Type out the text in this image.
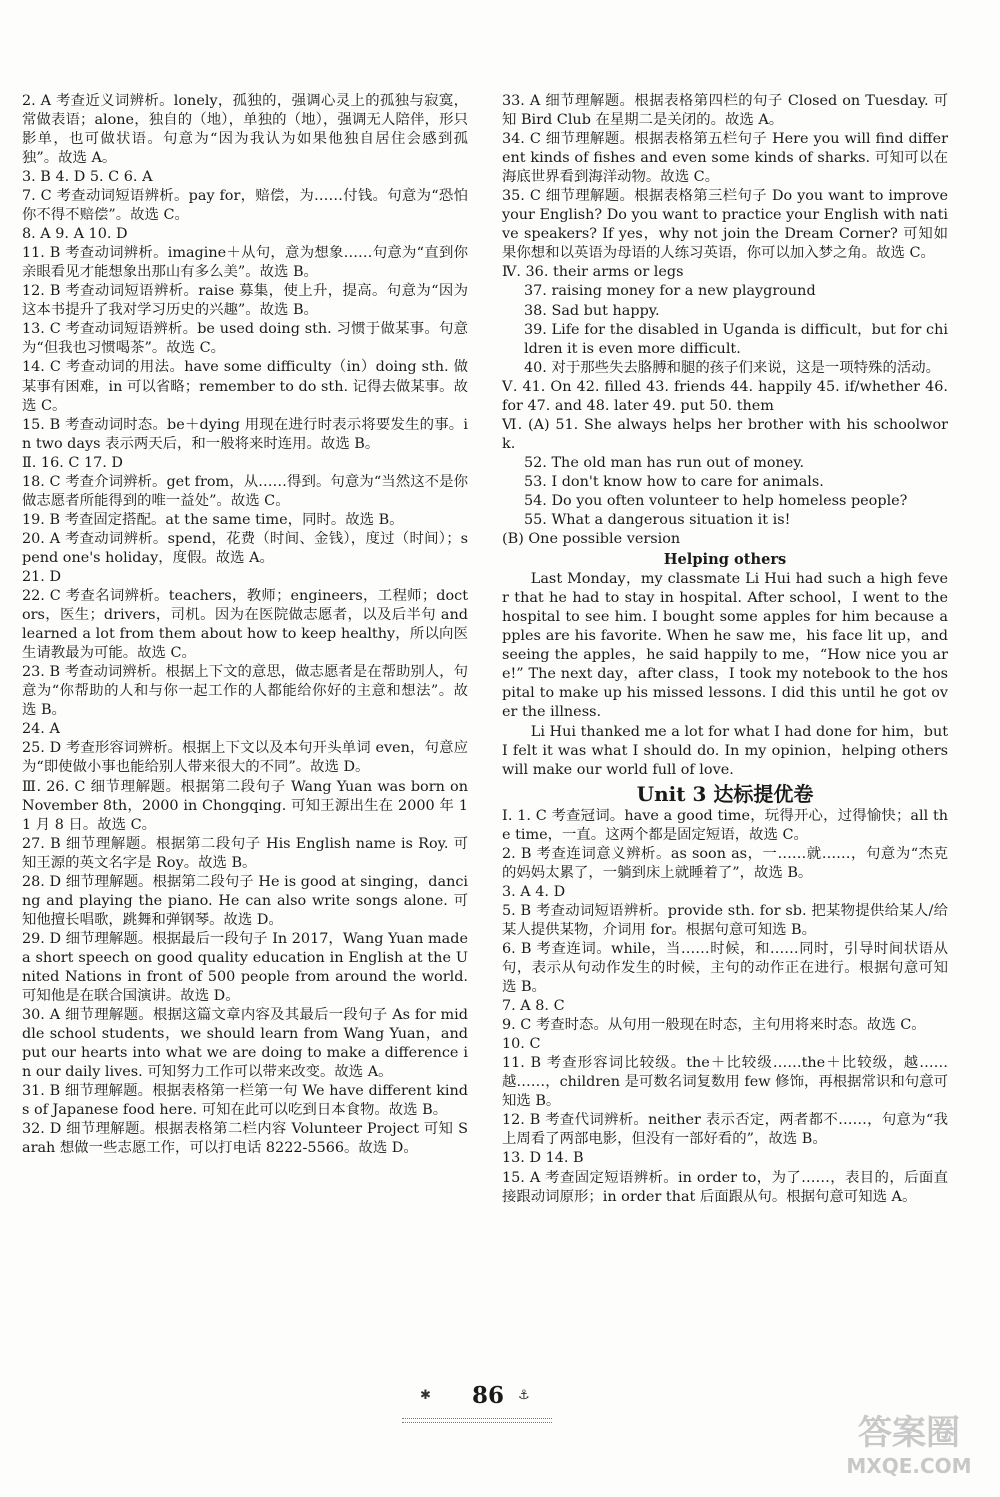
2. A 考查近义词辨析。lonely，孤独的，强调心灵上的孤独与寂寞，常做表语；alone，独自的（地），单独的（地），强调无人陪伴，形只影单，也可做状语。句意为“因为我认为如果他独自居住会感到孤独”。故选 A。

3. B 4. D 5. C 6. A

7. C 考查动词短语辨析。pay for，赔偿，为……付钱。句意为“恐怕你不得不赔偿”。故选 C。

8. A 9. A 10. D

11. B 考查动词辨析。imagine＋从句，意为想象……句意为“直到你亲眼看见才能想象出那山有多么美”。故选 B。

12. B 考查动词短语辨析。raise 募集，使上升，提高。句意为“因为这本书提升了我对学习历史的兴趣”。故选 B。

13. C 考查动词短语辨析。be used doing sth. 习惯于做某事。句意为“但我也习惯喝茶”。故选 C。

14. C 考查动词的用法。have some difficulty（in）doing sth. 做某事有困难，in 可以省略；remember to do sth. 记得去做某事。故选 C。

15. B 考查动词时态。be＋dying 用现在进行时表示将要发生的事。in two days 表示两天后，和一般将来时连用。故选 B。

Ⅱ. 16. C 17. D

18. C 考查介词辨析。get from，从……得到。句意为“当然这不是你做志愿者所能得到的唯一益处”。故选 C。

19. B 考查固定搭配。at the same time，同时。故选 B。

20. A 考查动词辨析。spend，花费（时间、金钱），度过（时间）；spend one's holiday，度假。故选 A。

21. D

22. C 考查名词辨析。teachers，教师；engineers，工程师；doctors，医生；drivers，司机。因为在医院做志愿者，以及后半句 and learned a lot from them about how to keep healthy，所以向医生请教最为可能。故选 C。

23. B 考查动词辨析。根据上下文的意思，做志愿者是在帮助别人，句意为“你帮助的人和与你一起工作的人都能给你好的主意和想法”。故选 B。

24. A

25. D 考查形容词辨析。根据上下文以及本句开头单词 even，句意应为“即使做小事也能给别人带来很大的不同”。故选 D。

Ⅲ. 26. C 细节理解题。根据第二段句子 Wang Yuan was born on November 8th，2000 in Chongqing. 可知王源出生在 2000 年 11 月 8 日。故选 C。

27. B 细节理解题。根据第二段句子 His English name is Roy. 可知王源的英文名字是 Roy。故选 B。

28. D 细节理解题。根据第二段句子 He is good at singing，dancing and playing the piano. He can also write songs alone. 可知他擅长唱歌，跳舞和弹钢琴。故选 D。

29. D 细节理解题。根据最后一段句子 In 2017，Wang Yuan made a short speech on good quality education in English at the United Nations in front of 500 people from around the world. 可知他是在联合国演讲。故选 D。

30. A 细节理解题。根据这篇文章内容及其最后一段句子 As for middle school students，we should learn from Wang Yuan，and put our hearts into what we are doing to make a difference in our daily lives. 可知努力工作可以带来改变。故选 A。

31. B 细节理解题。根据表格第一栏第一句 We have different kinds of Japanese food here. 可知在此可以吃到日本食物。故选 B。

32. D 细节理解题。根据表格第二栏内容 Volunteer Project 可知 Sarah 想做一些志愿工作，可以打电话 8222-5566。故选 D。

33. A 细节理解题。根据表格第四栏的句子 Closed on Tuesday. 可知 Bird Club 在星期二是关闭的。故选 A。

34. C 细节理解题。根据表格第五栏句子 Here you will find different kinds of fishes and even some kinds of sharks. 可知可以在海底世界看到海洋动物。故选 C。

35. C 细节理解题。根据表格第三栏句子 Do you want to improve your English? Do you want to practice your English with native speakers? If yes，why not join the Dream Corner? 可知如果你想和以英语为母语的人练习英语，你可以加入梦之角。故选 C。

Ⅳ. 36. their arms or legs

37. raising money for a new playground

38. Sad but happy.

39. Life for the disabled in Uganda is difficult，but for children it is even more difficult.

40. 对于那些失去胳膊和腿的孩子们来说，这是一项特殊的活动。

Ⅴ. 41. On 42. filled 43. friends 44. happily 45. if/whether 46. for 47. and 48. later 49. put 50. them

Ⅵ. (A) 51. She always helps her brother with his schoolwork.

52. The old man has run out of money.

53. I don't know how to care for animals.

54. Do you often volunteer to help homeless people?

55. What a dangerous situation it is!

(B) One possible version

Helping others

Last Monday，my classmate Li Hui had such a high fever that he had to stay in hospital. After school，I went to the hospital to see him. I bought some apples for him because apples are his favorite. When he saw me，his face lit up，and seeing the apples，he said happily to me，“How nice you are!” The next day，after class，I took my notebook to the hospital to make up his missed lessons. I did this until he got over the illness.

Li Hui thanked me a lot for what I had done for him，but I felt it was what I should do. In my opinion，helping others will make our world full of love.

Unit 3 达标提优卷

Ⅰ. 1. C 考查冠词。have a good time，玩得开心，过得愉快；all the time，一直。这两个都是固定短语，故选 C。

2. B 考查连词意义辨析。as soon as，一……就……，句意为“杰克的妈妈太累了，一躺到床上就睡着了”，故选 B。

3. A 4. D

5. B 考查动词短语辨析。provide sth. for sb. 把某物提供给某人/给某人提供某物，介词用 for。根据句意可知选 B。

6. B 考查连词。while，当……时候，和……同时，引导时间状语从句，表示从句动作发生的时候，主句的动作正在进行。根据句意可知选 B。

7. A 8. C

9. C 考查时态。从句用一般现在时态，主句用将来时态。故选 C。

10. C

11. B 考查形容词比较级。the＋比较级……the＋比较级，越……越……，children 是可数名词复数用 few 修饰，再根据常识和句意可知选 B。

12. B 考查代词辨析。neither 表示否定，两者都不……，句意为“我上周看了两部电影，但没有一部好看的”，故选 B。

13. D 14. B

15. A 考查固定短语辨析。in order to，为了……，表目的，后面直接跟动词原形；in order that 后面跟从句。根据句意可知选 A。

✱	86	⚓
答案圈
MXQE.COM
